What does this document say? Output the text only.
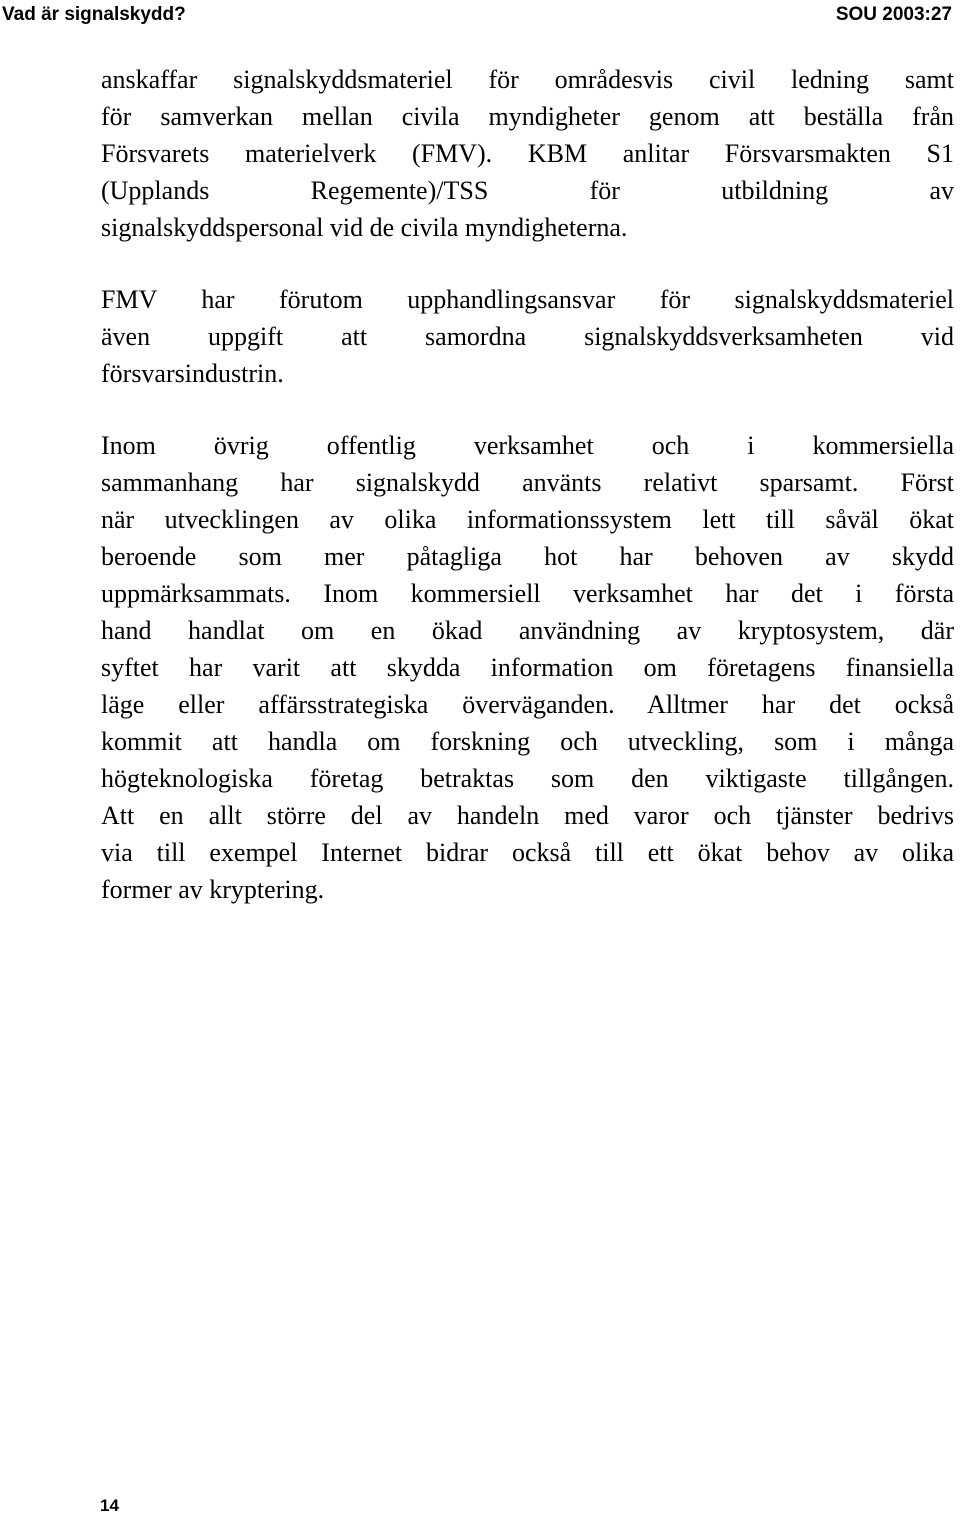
Vad är signalskydd?	SOU 2003:27

anskaffar signalskyddsmateriel för områdesvis civil ledning samt
för samverkan mellan civila myndigheter genom att beställa från
Försvarets materielverk (FMV). KBM anlitar Försvarsmakten S1
(Upplands Regemente)/TSS för utbildning av
signalskyddspersonal vid de civila myndigheterna.

FMV har förutom upphandlingsansvar för signalskyddsmateriel
även uppgift att samordna signalskyddsverksamheten vid
försvarsindustrin.

Inom övrig offentlig verksamhet och i kommersiella
sammanhang har signalskydd använts relativt sparsamt. Först
när utvecklingen av olika informationssystem lett till såväl ökat
beroende som mer påtagliga hot har behoven av skydd
uppmärksammats. Inom kommersiell verksamhet har det i första
hand handlat om en ökad användning av kryptosystem, där
syftet har varit att skydda information om företagens finansiella
läge eller affärsstrategiska överväganden. Alltmer har det också
kommit att handla om forskning och utveckling, som i många
högteknologiska företag betraktas som den viktigaste tillgången.
Att en allt större del av handeln med varor och tjänster bedrivs
via till exempel Internet bidrar också till ett ökat behov av olika
former av kryptering.

14
